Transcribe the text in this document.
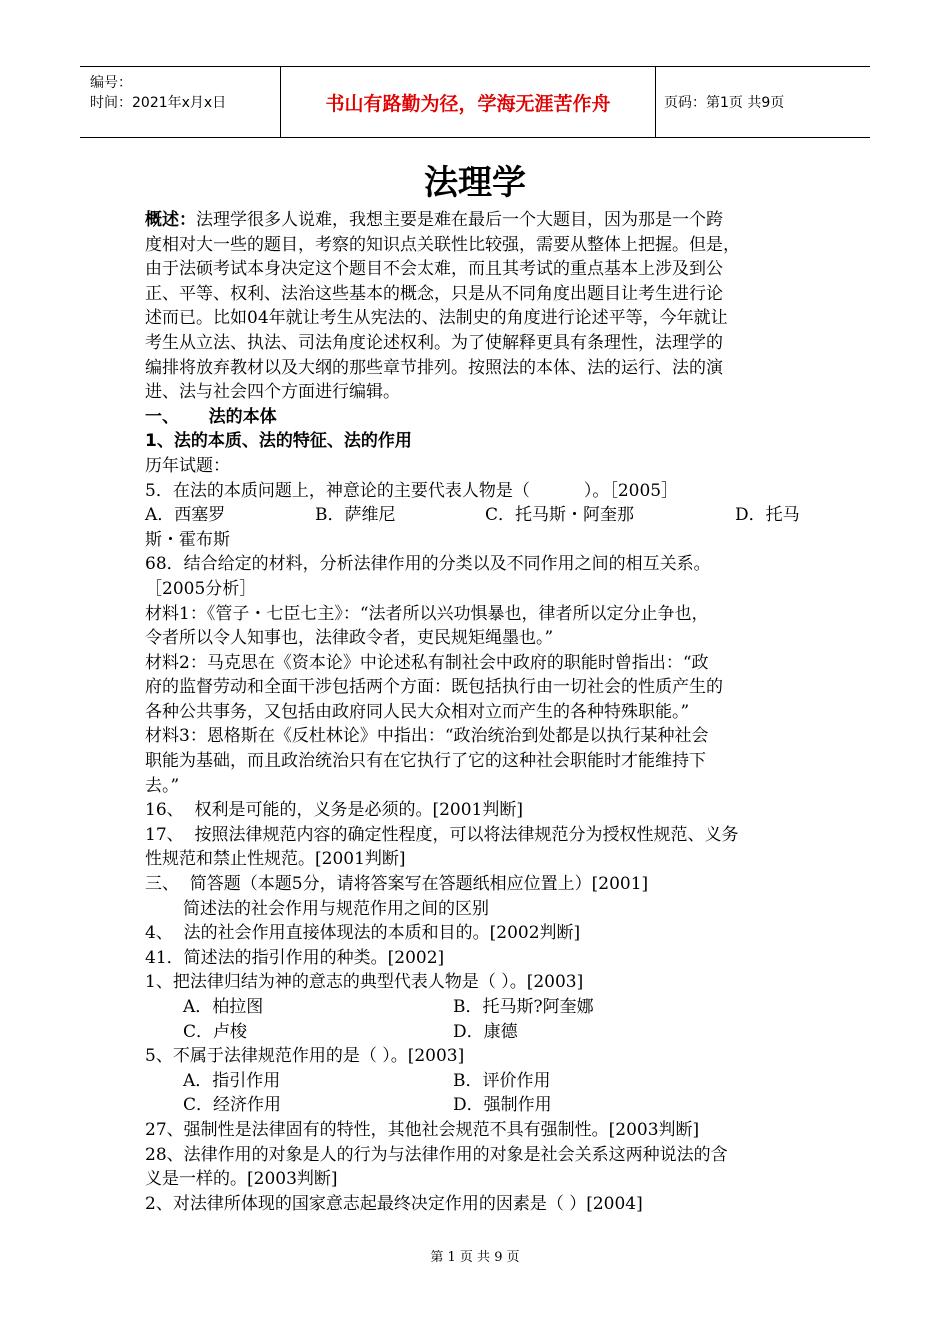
编号：
时间：2021年x月x日	书山有路勤为径，学海无涯苦作舟	页码：第1页 共9页
法理学

概述：法理学很多人说难，我想主要是难在最后一个大题目，因为那是一个跨

度相对大一些的题目，考察的知识点关联性比较强，需要从整体上把握。但是，

由于法硕考试本身决定这个题目不会太难，而且其考试的重点基本上涉及到公

正、平等、权利、法治这些基本的概念，只是从不同角度出题目让考生进行论

述而已。比如04年就让考生从宪法的、法制史的角度进行论述平等，今年就让

考生从立法、执法、司法角度论述权利。为了使解释更具有条理性，法理学的

编排将放弃教材以及大纲的那些章节排列。按照法的本体、法的运行、法的演

进、法与社会四个方面进行编辑。

一、     法的本体

1、法的本质、法的特征、法的作用

历年试题：

5．在法的本质问题上，神意论的主要代表人物是（          ）。［2005］

A．西塞罗	B．萨维尼	C．托马斯・阿奎那	D．托马

斯・霍布斯

68．结合给定的材料，分析法律作用的分类以及不同作用之间的相互关系。

［2005分析］

材料1：《管子・七臣七主》：“法者所以兴功惧暴也，律者所以定分止争也，

令者所以令人知事也，法律政令者，吏民规矩绳墨也。”

材料2：马克思在《资本论》中论述私有制社会中政府的职能时曾指出：“政

府的监督劳动和全面干涉包括两个方面：既包括执行由一切社会的性质产生的

各种公共事务，又包括由政府同人民大众相对立而产生的各种特殊职能。”

材料3：恩格斯在《反杜林论》中指出：“政治统治到处都是以执行某种社会

职能为基础，而且政治统治只有在它执行了它的这种社会职能时才能维持下

去。”

16、  权利是可能的，义务是必须的。[2001判断]

17、  按照法律规范内容的确定性程度，可以将法律规范分为授权性规范、义务

性规范和禁止性规范。[2001判断]

三、  简答题（本题5分，请将答案写在答题纸相应位置上）[2001]

简述法的社会作用与规范作用之间的区别

4、  法的社会作用直接体现法的本质和目的。[2002判断]

41．简述法的指引作用的种类。[2002]

1、把法律归结为神的意志的典型代表人物是（ ）。[2003]

A．柏拉图	B．托马斯?阿奎娜
C．卢梭	D．康德

5、不属于法律规范作用的是（ ）。[2003]

A．指引作用	B．评价作用
C．经济作用	D．强制作用

27、强制性是法律固有的特性，其他社会规范不具有强制性。[2003判断]

28、法律作用的对象是人的行为与法律作用的对象是社会关系这两种说法的含

义是一样的。[2003判断]

2、对法律所体现的国家意志起最终决定作用的因素是（ ）[2004]

第 1 页 共 9 页
